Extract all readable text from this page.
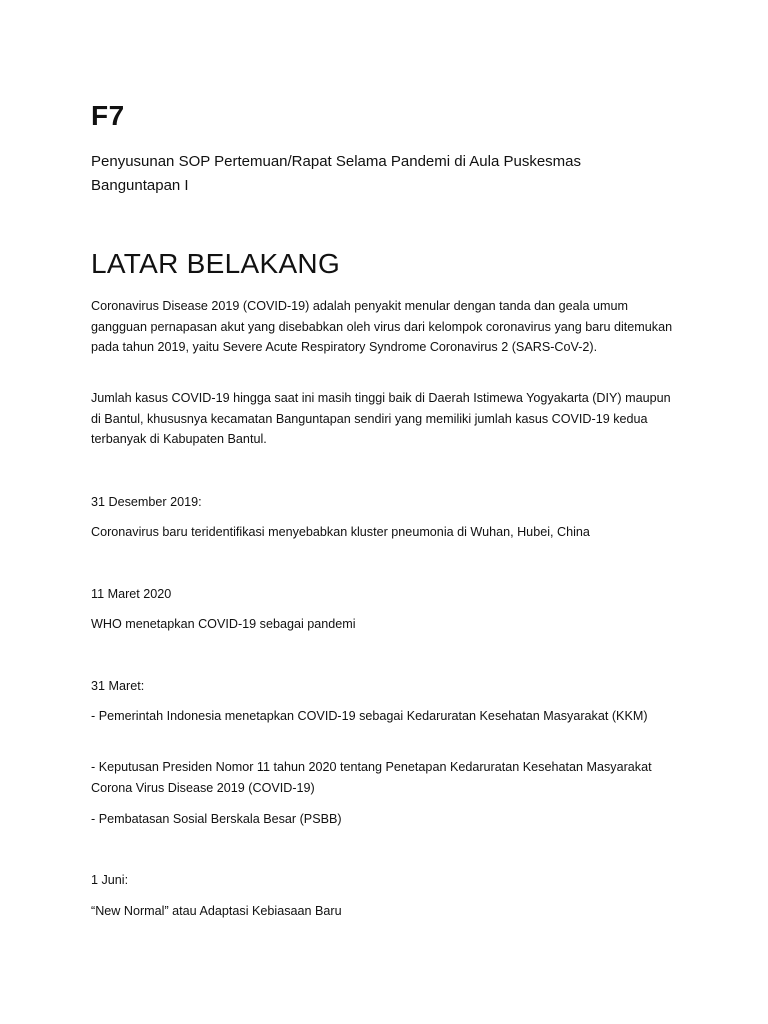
F7

Penyusunan SOP Pertemuan/Rapat Selama Pandemi di Aula Puskesmas Banguntapan I

LATAR BELAKANG

Coronavirus Disease 2019 (COVID-19) adalah penyakit menular dengan tanda dan geala umum gangguan pernapasan akut yang disebabkan oleh virus dari kelompok coronavirus yang baru ditemukan pada tahun 2019, yaitu Severe Acute Respiratory Syndrome Coronavirus 2 (SARS-CoV-2).

Jumlah kasus COVID-19 hingga saat ini masih tinggi baik di Daerah Istimewa Yogyakarta (DIY) maupun di Bantul, khususnya kecamatan Banguntapan sendiri yang memiliki jumlah kasus COVID-19 kedua terbanyak di Kabupaten Bantul.

31 Desember 2019:

Coronavirus baru teridentifikasi menyebabkan kluster pneumonia di Wuhan, Hubei, China

11 Maret 2020

WHO menetapkan COVID-19 sebagai pandemi

31 Maret:

- Pemerintah Indonesia menetapkan COVID-19 sebagai Kedaruratan Kesehatan Masyarakat (KKM)

- Keputusan Presiden Nomor 11 tahun 2020 tentang Penetapan Kedaruratan Kesehatan Masyarakat Corona Virus Disease 2019 (COVID-19)

- Pembatasan Sosial Berskala Besar (PSBB)

1 Juni:

“New Normal” atau Adaptasi Kebiasaan Baru
